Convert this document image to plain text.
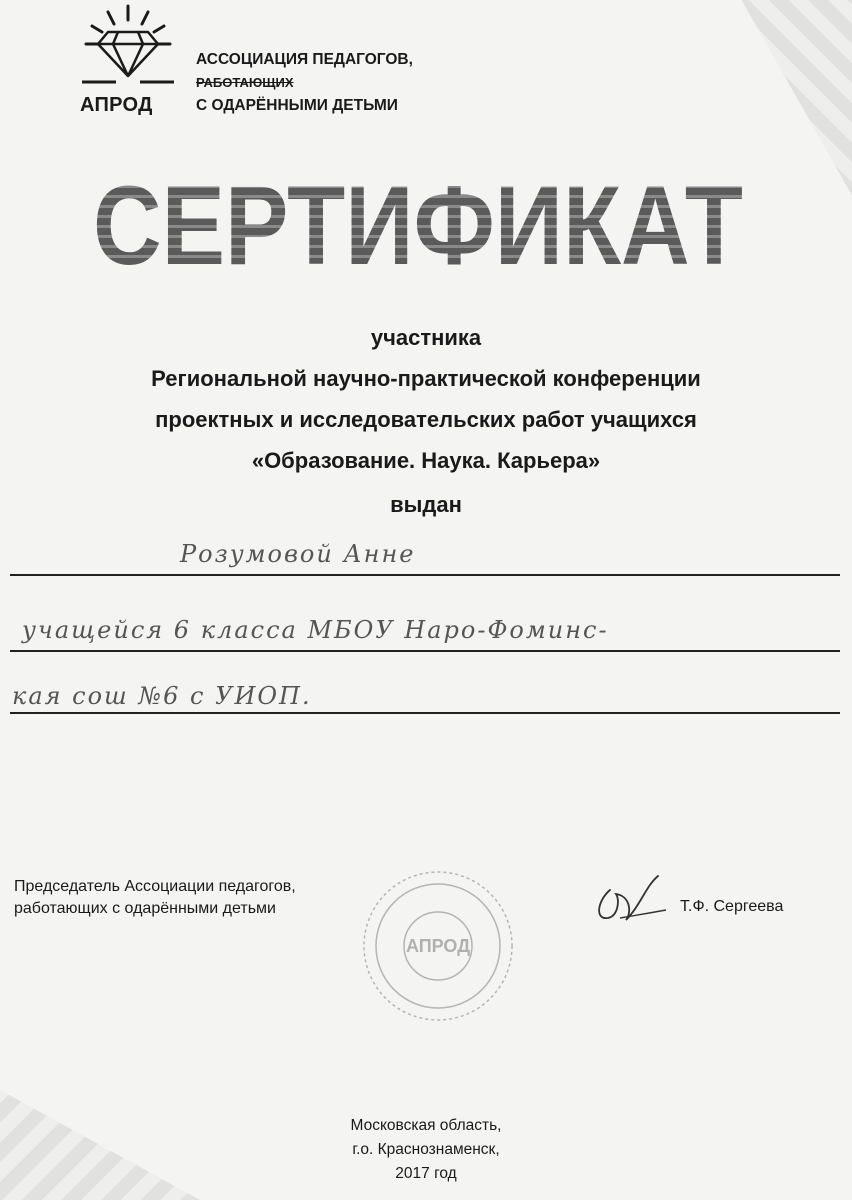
АПРОД
АССОЦИАЦИЯ ПЕДАГОГОВ,
РАБОТАЮЩИХ
С ОДАРЁННЫМИ ДЕТЬМИ
СЕРТИФИКАТ
участника
Региональной научно-практической конференции
проектных и исследовательских работ учащихся
«Образование. Наука. Карьера»
выдан
Розумовой Анне
учащейся 6 класса МБОУ Наро-Фоминс-
кая сош №6 с УИОП.
Председатель Ассоциации педагогов,
работающих с одарёнными детьми
АПРОД
Т.Ф. Сергеева
Московская область,
г.о. Краснознаменск,
2017 год
